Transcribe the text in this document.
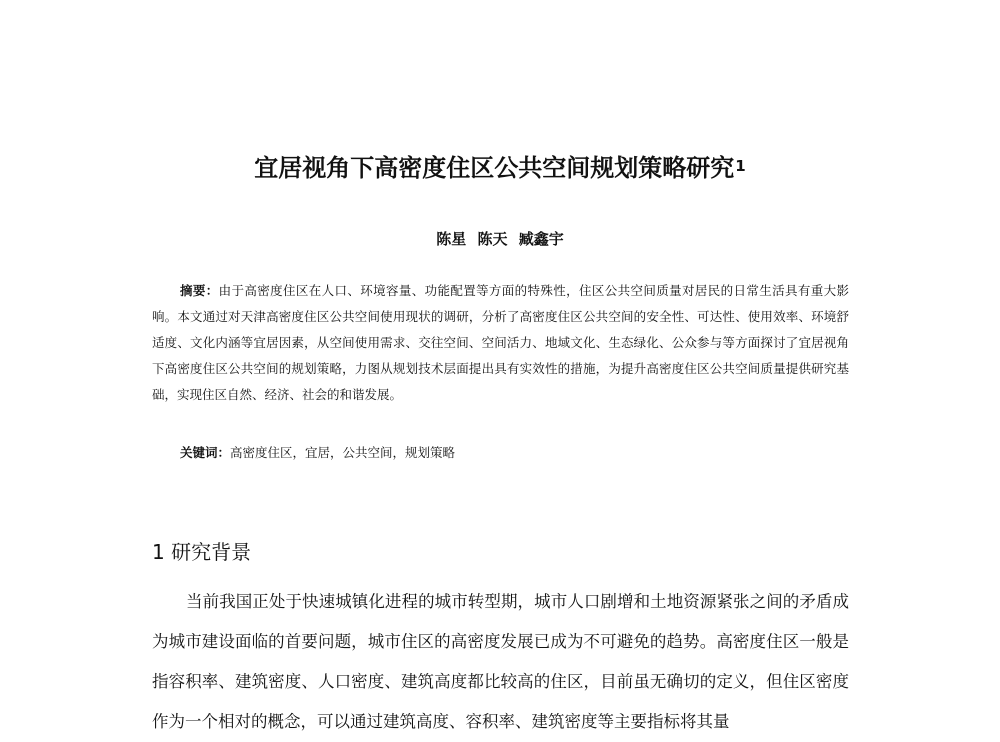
宜居视角下高密度住区公共空间规划策略研究$^1$
陈星 陈天 臧鑫宇

摘要：由于高密度住区在人口、环境容量、功能配置等方面的特殊性，住区公共空间质量对居民的日常生活具有重大影响。本文通过对天津高密度住区公共空间使用现状的调研，分析了高密度住区公共空间的安全性、可达性、使用效率、环境舒适度、文化内涵等宜居因素，从空间使用需求、交往空间、空间活力、地域文化、生态绿化、公众参与等方面探讨了宜居视角下高密度住区公共空间的规划策略，力图从规划技术层面提出具有实效性的措施，为提升高密度住区公共空间质量提供研究基础，实现住区自然、经济、社会的和谐发展。

关键词：高密度住区，宜居，公共空间，规划策略

1 研究背景

当前我国正处于快速城镇化进程的城市转型期，城市人口剧增和土地资源紧张之间的矛盾成为城市建设面临的首要问题，城市住区的高密度发展已成为不可避免的趋势。高密度住区一般是指容积率、建筑密度、人口密度、建筑高度都比较高的住区，目前虽无确切的定义，但住区密度作为一个相对的概念，可以通过建筑高度、容积率、建筑密度等主要指标将其量
